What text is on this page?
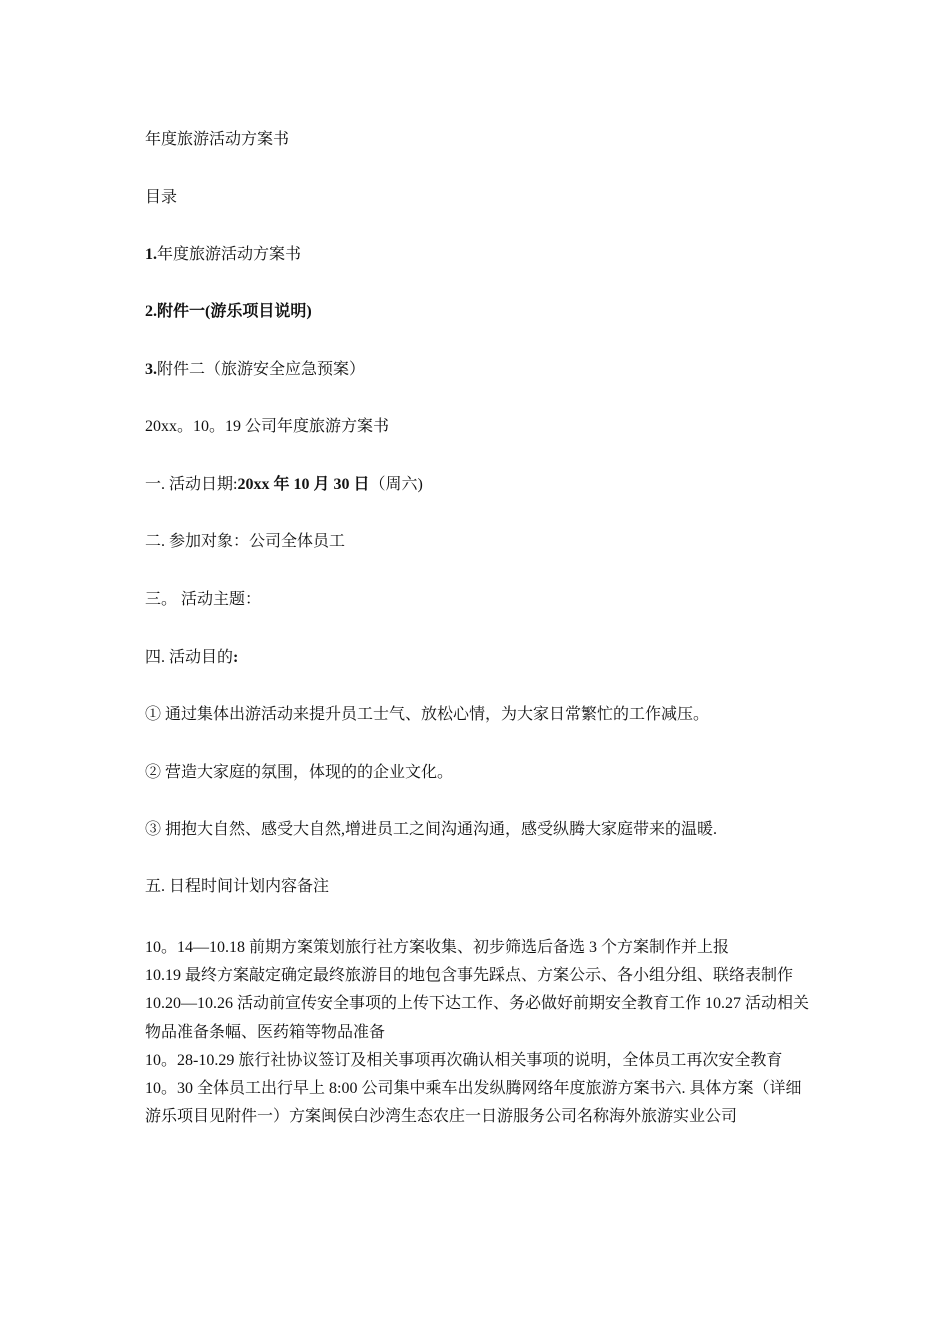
年度旅游活动方案书
目录
1.年度旅游活动方案书
2.附件一(游乐项目说明)
3.附件二（旅游安全应急预案）
20xx。10。19 公司年度旅游方案书
一. 活动日期:20xx 年 10 月 30 日（周六)
二. 参加对象：公司全体员工
三。 活动主题：
四. 活动目的:
① 通过集体出游活动来提升员工士气、放松心情，为大家日常繁忙的工作减压。
② 营造大家庭的氛围，体现的的企业文化。
③ 拥抱大自然、感受大自然,增进员工之间沟通沟通，感受纵腾大家庭带来的温暖.
五. 日程时间计划内容备注

10。14—10.18 前期方案策划旅行社方案收集、初步筛选后备选 3 个方案制作并上报

10.19 最终方案敲定确定最终旅游目的地包含事先踩点、方案公示、各小组分组、联络表制作

10.20—10.26 活动前宣传安全事项的上传下达工作、务必做好前期安全教育工作 10.27 活动相关物品准备条幅、医药箱等物品准备

10。28-10.29 旅行社协议签订及相关事项再次确认相关事项的说明，全体员工再次安全教育

10。30 全体员工出行早上 8:00 公司集中乘车出发纵腾网络年度旅游方案书六. 具体方案（详细游乐项目见附件一）方案闽侯白沙湾生态农庄一日游服务公司名称海外旅游实业公司
